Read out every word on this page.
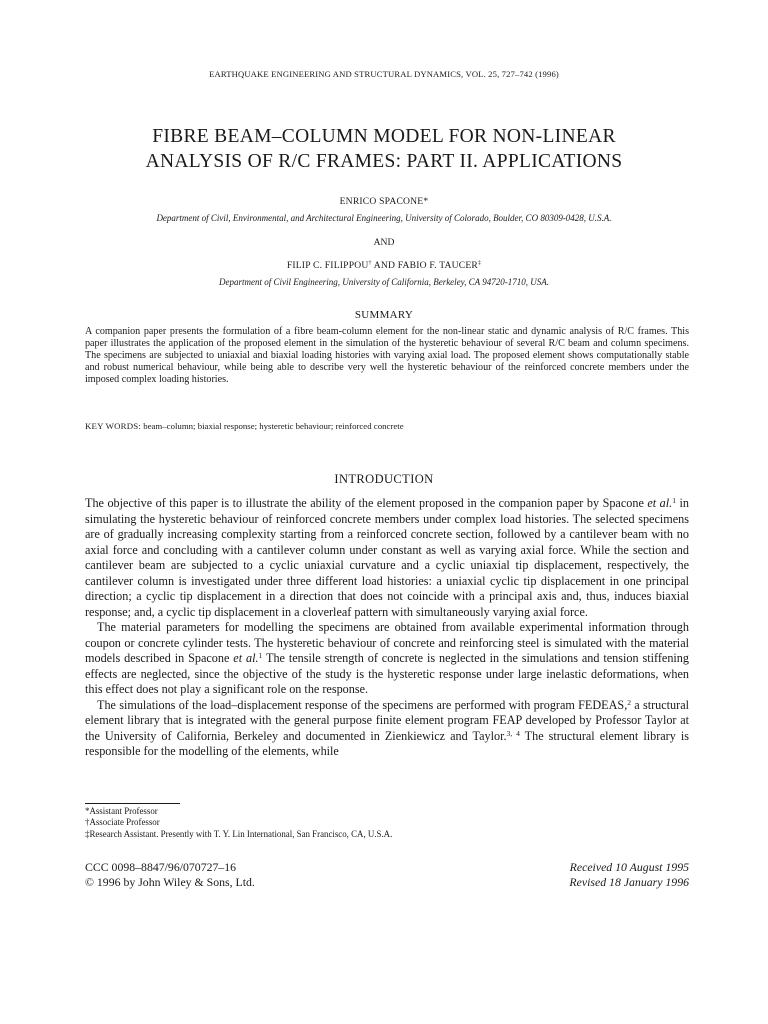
EARTHQUAKE ENGINEERING AND STRUCTURAL DYNAMICS, VOL. 25, 727–742 (1996)
FIBRE BEAM–COLUMN MODEL FOR NON-LINEAR
ANALYSIS OF R/C FRAMES: PART II. APPLICATIONS
ENRICO SPACONE*
Department of Civil, Environmental, and Architectural Engineering, University of Colorado, Boulder, CO 80309-0428, U.S.A.
AND
FILIP C. FILIPPOU† AND FABIO F. TAUCER‡
Department of Civil Engineering, University of California, Berkeley, CA 94720-1710, USA.
SUMMARY
A companion paper presents the formulation of a fibre beam-column element for the non-linear static and dynamic analysis of R/C frames. This paper illustrates the application of the proposed element in the simulation of the hysteretic behaviour of several R/C beam and column specimens. The specimens are subjected to uniaxial and biaxial loading histories with varying axial load. The proposed element shows computationally stable and robust numerical behaviour, while being able to describe very well the hysteretic behaviour of the reinforced concrete members under the imposed complex loading histories.
KEY WORDS: beam–column; biaxial response; hysteretic behaviour; reinforced concrete
INTRODUCTION

The objective of this paper is to illustrate the ability of the element proposed in the companion paper by Spacone et al.$^1$ in simulating the hysteretic behaviour of reinforced concrete members under complex load histories. The selected specimens are of gradually increasing complexity starting from a reinforced concrete section, followed by a cantilever beam with no axial force and concluding with a cantilever column under constant as well as varying axial force. While the section and cantilever beam are subjected to a cyclic uniaxial curvature and a cyclic uniaxial tip displacement, respectively, the cantilever column is investigated under three different load histories: a uniaxial cyclic tip displacement in one principal direction; a cyclic tip displacement in a direction that does not coincide with a principal axis and, thus, induces biaxial response; and, a cyclic tip displacement in a cloverleaf pattern with simultaneously varying axial force.

The material parameters for modelling the specimens are obtained from available experimental information through coupon or concrete cylinder tests. The hysteretic behaviour of concrete and reinforcing steel is simulated with the material models described in Spacone et al.$^1$ The tensile strength of concrete is neglected in the simulations and tension stiffening effects are neglected, since the objective of the study is the hysteretic response under large inelastic deformations, when this effect does not play a significant role on the response.

The simulations of the load–displacement response of the specimens are performed with program FEDEAS,$^2$ a structural element library that is integrated with the general purpose finite element program FEAP developed by Professor Taylor at the University of California, Berkeley and documented in Zienkiewicz and Taylor.$^{3, 4}$ The structural element library is responsible for the modelling of the elements, while

*Assistant Professor
†Associate Professor
‡Research Assistant. Presently with T. Y. Lin International, San Francisco, CA, U.S.A.
CCC 0098–8847/96/070727–16
© 1996 by John Wiley & Sons, Ltd.
Received 10 August 1995
Revised 18 January 1996
